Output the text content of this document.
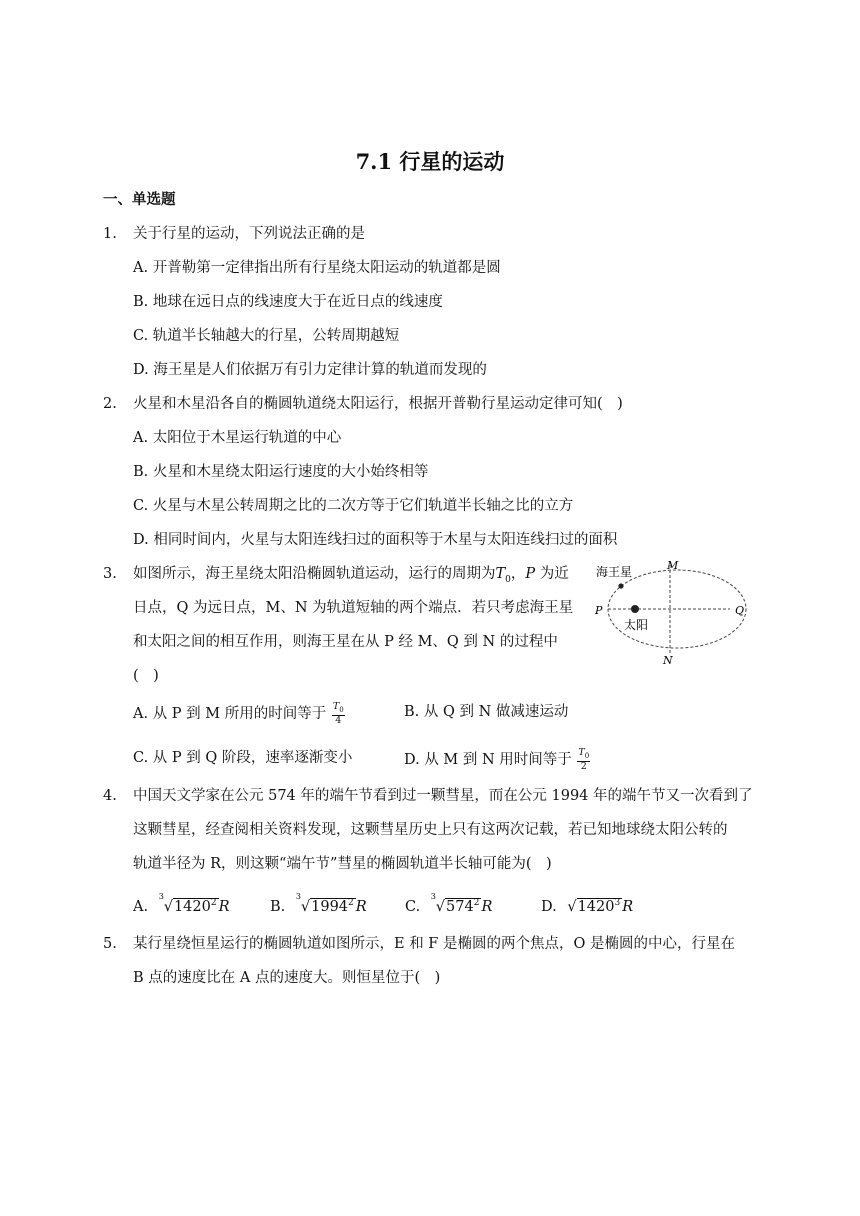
7.1 行星的运动
一、单选题
1. 关于行星的运动，下列说法正确的是
A. 开普勒第一定律指出所有行星绕太阳运动的轨道都是圆
B. 地球在远日点的线速度大于在近日点的线速度
C. 轨道半长轴越大的行星，公转周期越短
D. 海王星是人们依据万有引力定律计算的轨道而发现的
2. 火星和木星沿各自的椭圆轨道绕太阳运行，根据开普勒行星运动定律可知(　)
A. 太阳位于木星运行轨道的中心
B. 火星和木星绕太阳运行速度的大小始终相等
C. 火星与木星公转周期之比的二次方等于它们轨道半长轴之比的立方
D. 相同时间内，火星与太阳连线扫过的面积等于木星与太阳连线扫过的面积
3. 如图所示，海王星绕太阳沿椭圆轨道运动，运行的周期为$T_0$，P 为近
日点，Q 为远日点，M、N 为轨道短轴的两个端点．若只考虑海王星
和太阳之间的相互作用，则海王星在从 P 经 M、Q 到 N 的过程中
(　)
A. 从 P 到 M 所用的时间等于 $\frac{T_0}{4}$	B. 从 Q 到 N 做减速运动
C. 从 P 到 Q 阶段，速率逐渐变小	D. 从 M 到 N 用时间等于 $\frac{T_0}{2}$
海王星
太阳
M
N
P	Q
4. 中国天文学家在公元 574 年的端午节看到过一颗彗星，而在公元 1994 年的端午节又一次看到了
这颗彗星，经查阅相关资料发现，这颗彗星历史上只有这两次记载，若已知地球绕太阳公转的
轨道半径为 R，则这颗“端午节”彗星的椭圆轨道半长轴可能为(　)
A.
3
√1420$^2$ R	B.
3
√1994$^2$ R	C.
3
$√574^2$ R	D. √1420$^3$ R
5. 某行星绕恒星运行的椭圆轨道如图所示，E 和 F 是椭圆的两个焦点，O 是椭圆的中心，行星在
B 点的速度比在 A 点的速度大。则恒星位于(　)
